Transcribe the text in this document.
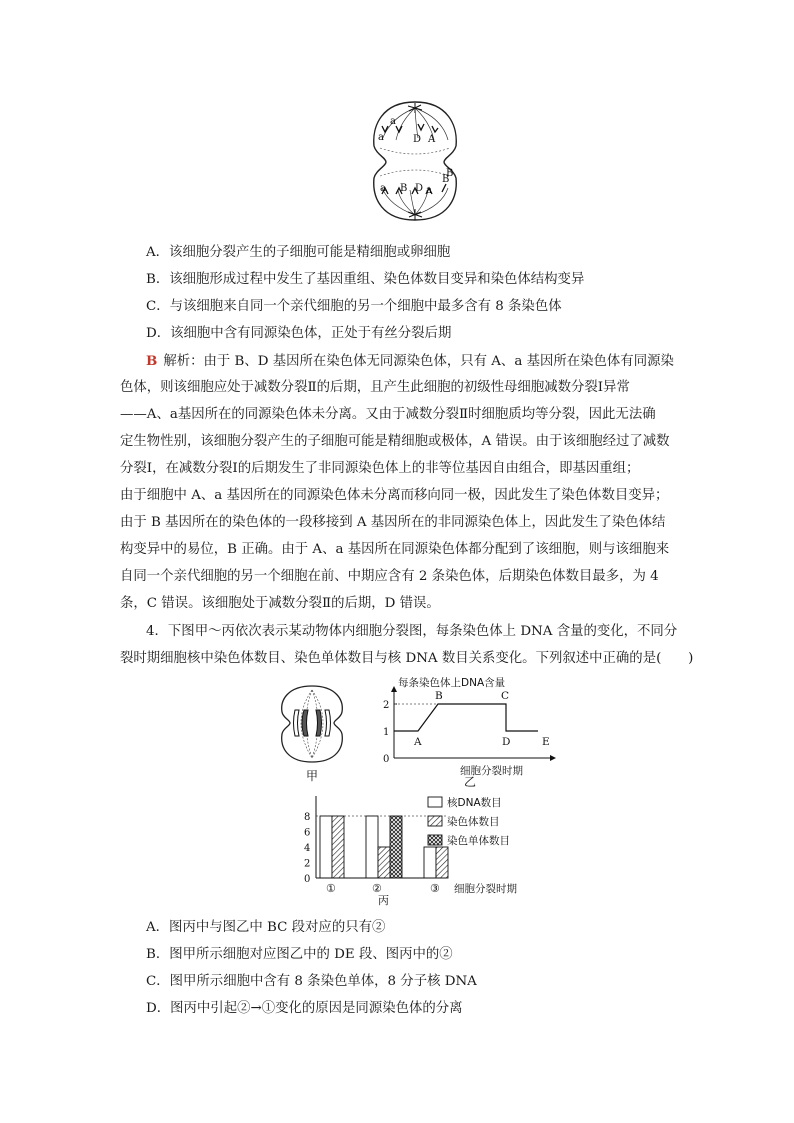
a
a
D A
B
a B D a
B
A．该细胞分裂产生的子细胞可能是精细胞或卵细胞
B．该细胞形成过程中发生了基因重组、染色体数目变异和染色体结构变异
C．与该细胞来自同一个亲代细胞的另一个细胞中最多含有 8 条染色体
D．该细胞中含有同源染色体，正处于有丝分裂后期
B 解析：由于 B、D 基因所在染色体无同源染色体，只有 A、a 基因所在染色体有同源染
色体，则该细胞应处于减数分裂Ⅱ的后期，且产生此细胞的初级性母细胞减数分裂Ⅰ异常
——A、a基因所在的同源染色体未分离。又由于减数分裂Ⅱ时细胞质均等分裂，因此无法确
定生物性别，该细胞分裂产生的子细胞可能是精细胞或极体，A 错误。由于该细胞经过了减数
分裂Ⅰ，在减数分裂Ⅰ的后期发生了非同源染色体上的非等位基因自由组合，即基因重组；
由于细胞中 A、a 基因所在的同源染色体未分离而移向同一极，因此发生了染色体数目变异；
由于 B 基因所在的染色体的一段移接到 A 基因所在的非同源染色体上，因此发生了染色体结
构变异中的易位，B 正确。由于 A、a 基因所在同源染色体都分配到了该细胞，则与该细胞来
自同一个亲代细胞的另一个细胞在前、中期应含有 2 条染色体，后期染色体数目最多，为 4
条，C 错误。该细胞处于减数分裂Ⅱ的后期，D 错误。
4．下图甲～丙依次表示某动物体内细胞分裂图，每条染色体上 DNA 含量的变化，不同分
裂时期细胞核中染色体数目、染色单体数目与核 DNA 数目关系变化。下列叙述中正确的是(　　)
甲
每条染色体上DNA含量
细胞分裂时期
0
1
2
A
B	C
D	E
乙
0
2
4
6
8
①	②	③
核DNA数目
染色体数目
染色单体数目
细胞分裂时期
丙
A．图丙中与图乙中 BC 段对应的只有②
B．图甲所示细胞对应图乙中的 DE 段、图丙中的②
C．图甲所示细胞中含有 8 条染色单体，8 分子核 DNA
D．图丙中引起②→①变化的原因是同源染色体的分离
